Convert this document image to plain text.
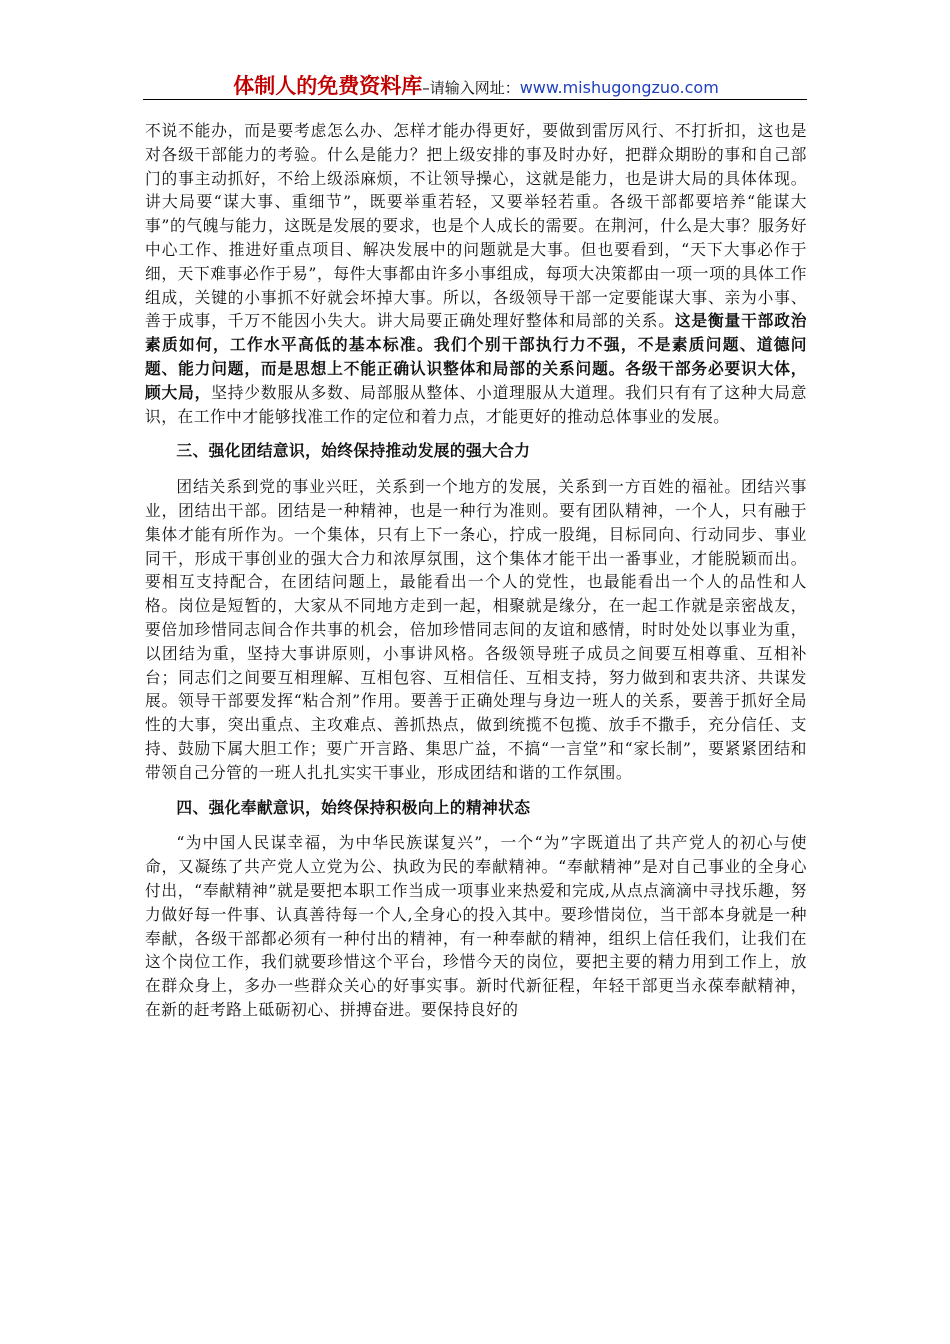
体制人的免费资料库–请输入网址：www.mishugongzuo.com

不说不能办，而是要考虑怎么办、怎样才能办得更好，要做到雷厉风行、不打折扣，这也是对各级干部能力的考验。什么是能力？把上级安排的事及时办好，把群众期盼的事和自己部门的事主动抓好，不给上级添麻烦，不让领导操心，这就是能力，也是讲大局的具体体现。讲大局要“谋大事、重细节”，既要举重若轻，又要举轻若重。各级干部都要培养“能谋大事”的气魄与能力，这既是发展的要求，也是个人成长的需要。在荆河，什么是大事？服务好中心工作、推进好重点项目、解决发展中的问题就是大事。但也要看到，“天下大事必作于细，天下难事必作于易”，每件大事都由许多小事组成，每项大决策都由一项一项的具体工作组成，关键的小事抓不好就会坏掉大事。所以，各级领导干部一定要能谋大事、亲为小事、善于成事，千万不能因小失大。讲大局要正确处理好整体和局部的关系。这是衡量干部政治素质如何，工作水平高低的基本标准。我们个别干部执行力不强，不是素质问题、道德问题、能力问题，而是思想上不能正确认识整体和局部的关系问题。各级干部务必要识大体，顾大局，坚持少数服从多数、局部服从整体、小道理服从大道理。我们只有有了这种大局意识，在工作中才能够找准工作的定位和着力点，才能更好的推动总体事业的发展。

三、强化团结意识，始终保持推动发展的强大合力

团结关系到党的事业兴旺，关系到一个地方的发展，关系到一方百姓的福祉。团结兴事业，团结出干部。团结是一种精神，也是一种行为准则。要有团队精神，一个人，只有融于集体才能有所作为。一个集体，只有上下一条心，拧成一股绳，目标同向、行动同步、事业同干，形成干事创业的强大合力和浓厚氛围，这个集体才能干出一番事业，才能脱颖而出。要相互支持配合，在团结问题上，最能看出一个人的党性，也最能看出一个人的品性和人格。岗位是短暂的，大家从不同地方走到一起，相聚就是缘分，在一起工作就是亲密战友，要倍加珍惜同志间合作共事的机会，倍加珍惜同志间的友谊和感情，时时处处以事业为重，以团结为重，坚持大事讲原则，小事讲风格。各级领导班子成员之间要互相尊重、互相补台；同志们之间要互相理解、互相包容、互相信任、互相支持，努力做到和衷共济、共谋发展。领导干部要发挥“粘合剂”作用。要善于正确处理与身边一班人的关系，要善于抓好全局性的大事，突出重点、主攻难点、善抓热点，做到统揽不包揽、放手不撒手，充分信任、支持、鼓励下属大胆工作；要广开言路、集思广益，不搞“一言堂”和“家长制”，要紧紧团结和带领自己分管的一班人扎扎实实干事业，形成团结和谐的工作氛围。

四、强化奉献意识，始终保持积极向上的精神状态

“为中国人民谋幸福，为中华民族谋复兴”，一个“为”字既道出了共产党人的初心与使命，又凝练了共产党人立党为公、执政为民的奉献精神。“奉献精神”是对自己事业的全身心付出，“奉献精神”就是要把本职工作当成一项事业来热爱和完成,从点点滴滴中寻找乐趣，努力做好每一件事、认真善待每一个人,全身心的投入其中。要珍惜岗位，当干部本身就是一种奉献，各级干部都必须有一种付出的精神，有一种奉献的精神，组织上信任我们，让我们在这个岗位工作，我们就要珍惜这个平台，珍惜今天的岗位，要把主要的精力用到工作上，放在群众身上，多办一些群众关心的好事实事。新时代新征程，年轻干部更当永葆奉献精神，在新的赶考路上砥砺初心、拼搏奋进。要保持良好的
